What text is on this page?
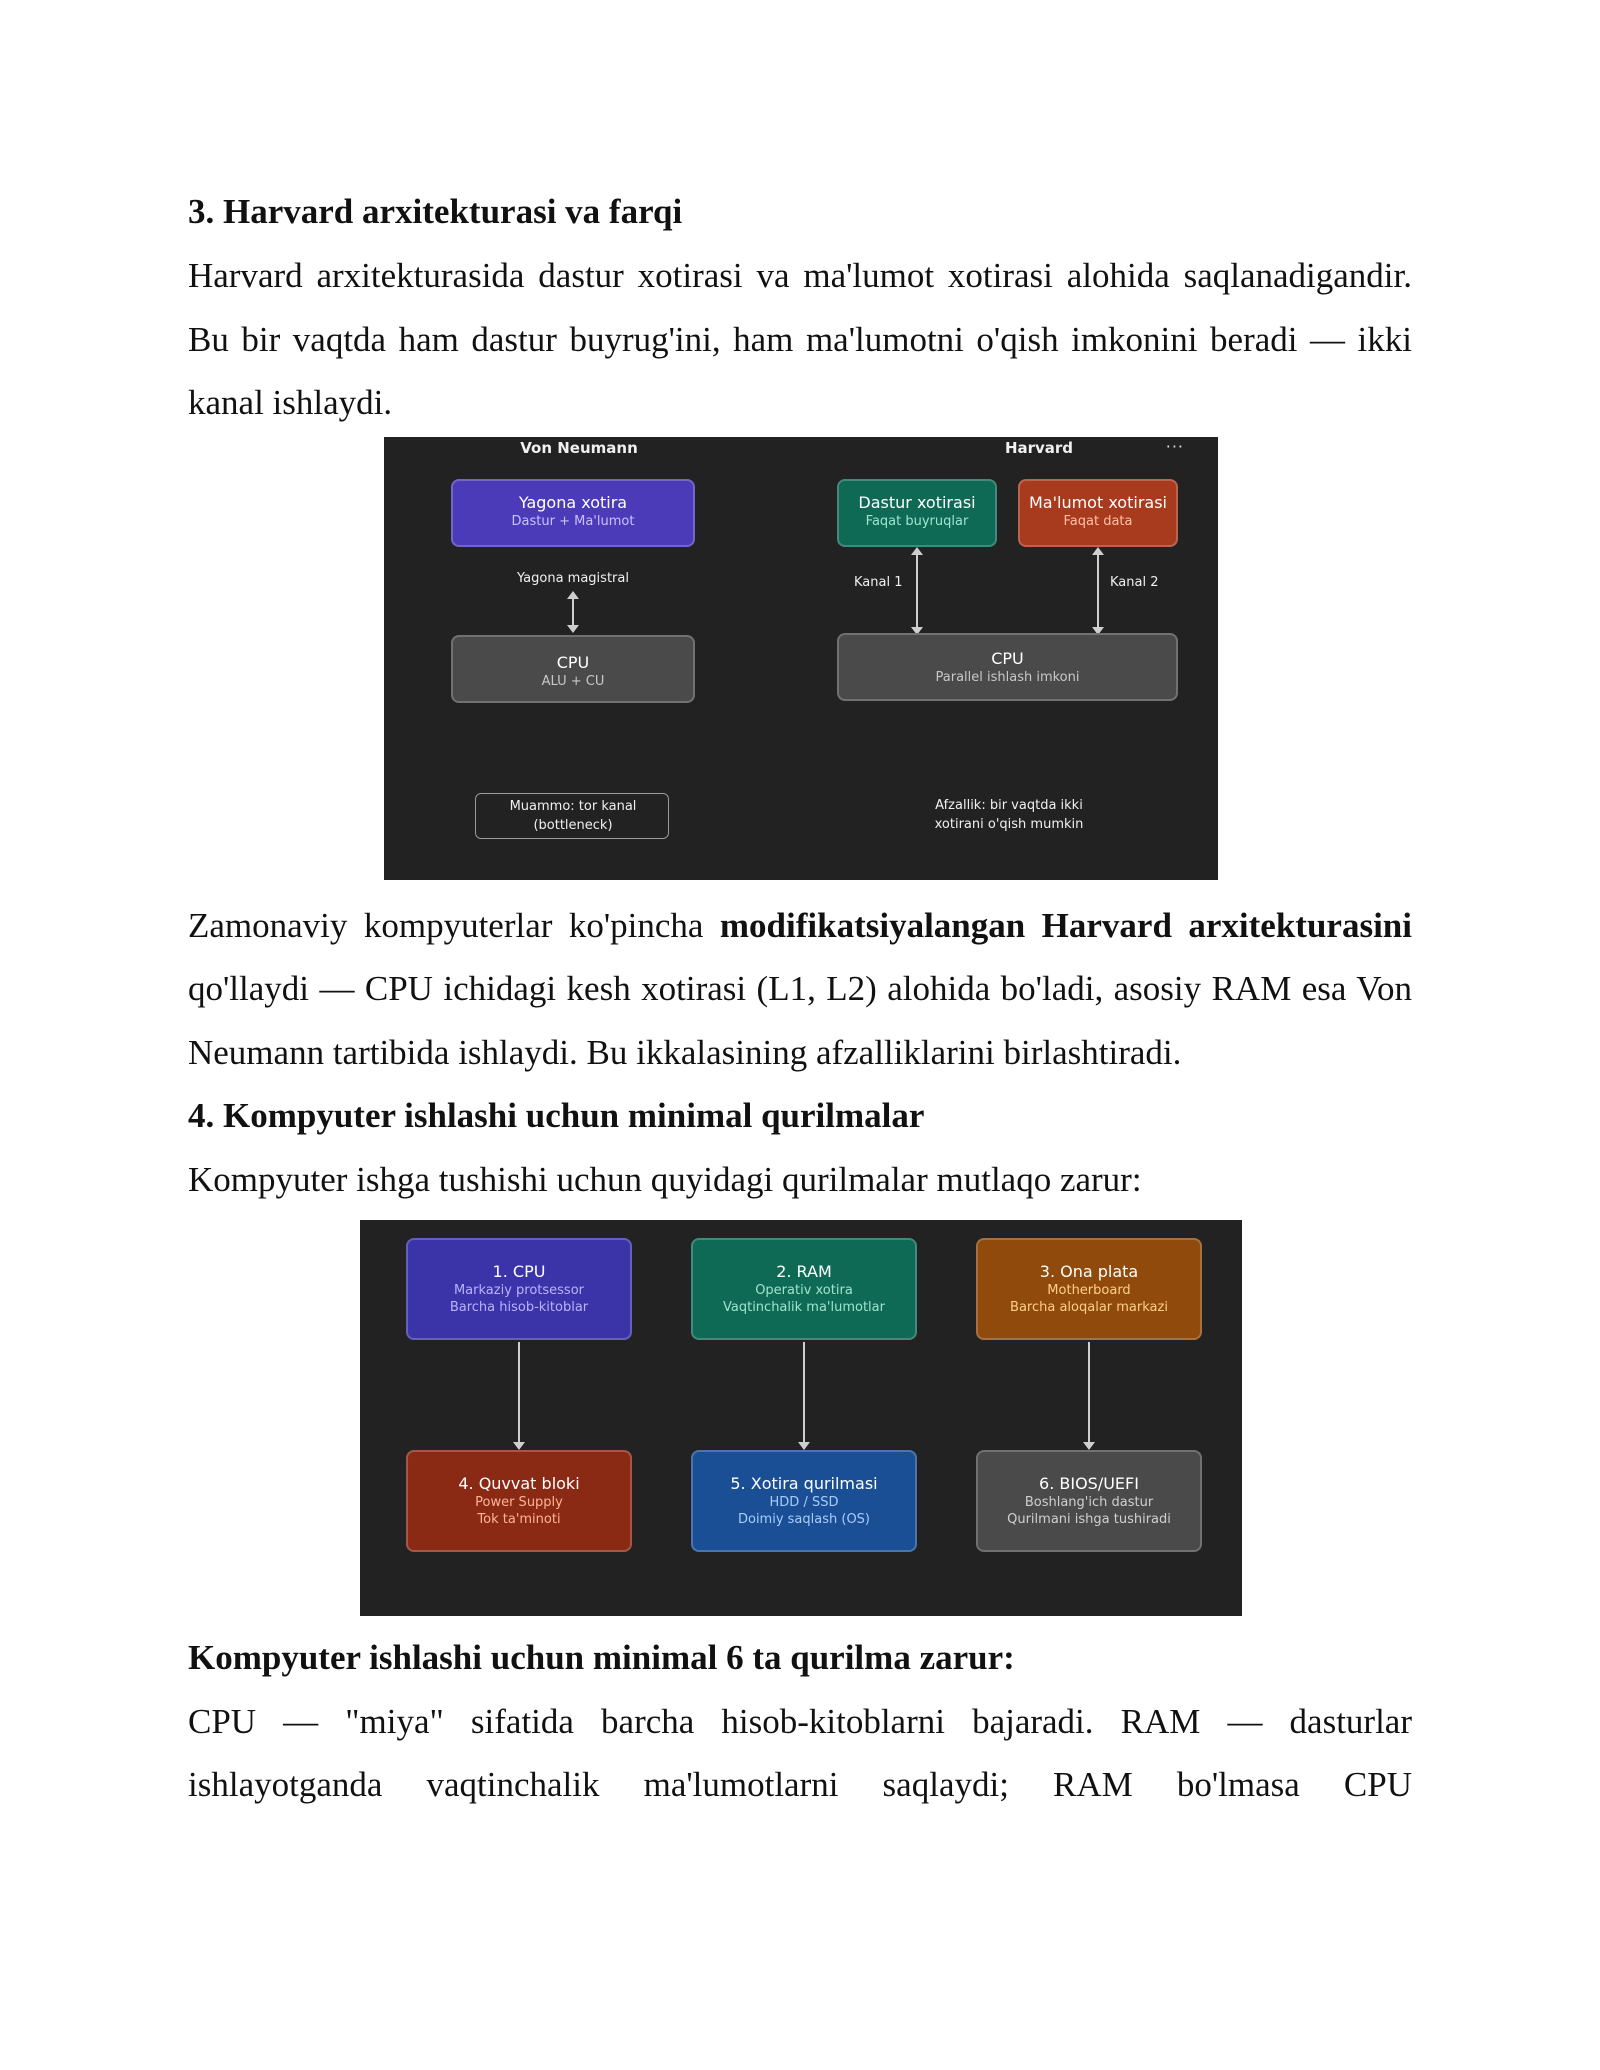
3. Harvard arxitekturasi va farqi

Harvard arxitekturasida dastur xotirasi va ma'lumot xotirasi alohida saqlanadigandir. Bu bir vaqtda ham dastur buyrug'ini, ham ma'lumotni o'qish imkonini beradi — ikki kanal ishlaydi.

Von Neumann	Harvard	···
Yagona xotira
Dastur + Ma'lumot
Yagona magistral
CPU
ALU + CU
Muammo: tor kanal
(bottleneck)
Dastur xotirasi
Faqat buyruqlar
Ma'lumot xotirasi
Faqat data
Kanal 1	Kanal 2
CPU
Parallel ishlash imkoni
Afzallik: bir vaqtda ikki
xotirani o'qish mumkin

Zamonaviy kompyuterlar ko'pincha modifikatsiyalangan Harvard arxitekturasini qo'llaydi — CPU ichidagi kesh xotirasi (L1, L2) alohida bo'ladi, asosiy RAM esa Von Neumann tartibida ishlaydi. Bu ikkalasining afzalliklarini birlashtiradi.

4. Kompyuter ishlashi uchun minimal qurilmalar

Kompyuter ishga tushishi uchun quyidagi qurilmalar mutlaqo zarur:

1. CPU
Markaziy protsessor
Barcha hisob-kitoblar
2. RAM
Operativ xotira
Vaqtinchalik ma'lumotlar
3. Ona plata
Motherboard
Barcha aloqalar markazi
4. Quvvat bloki
Power Supply
Tok ta'minoti
5. Xotira qurilmasi
HDD / SSD
Doimiy saqlash (OS)
6. BIOS/UEFI
Boshlang'ich dastur
Qurilmani ishga tushiradi
Kompyuter ishlashi uchun minimal 6 ta qurilma zarur:

CPU — "miya" sifatida barcha hisob-kitoblarni bajaradi. RAM — dasturlar ishlayotganda vaqtinchalik ma'lumotlarni saqlaydi; RAM bo'lmasa CPU
